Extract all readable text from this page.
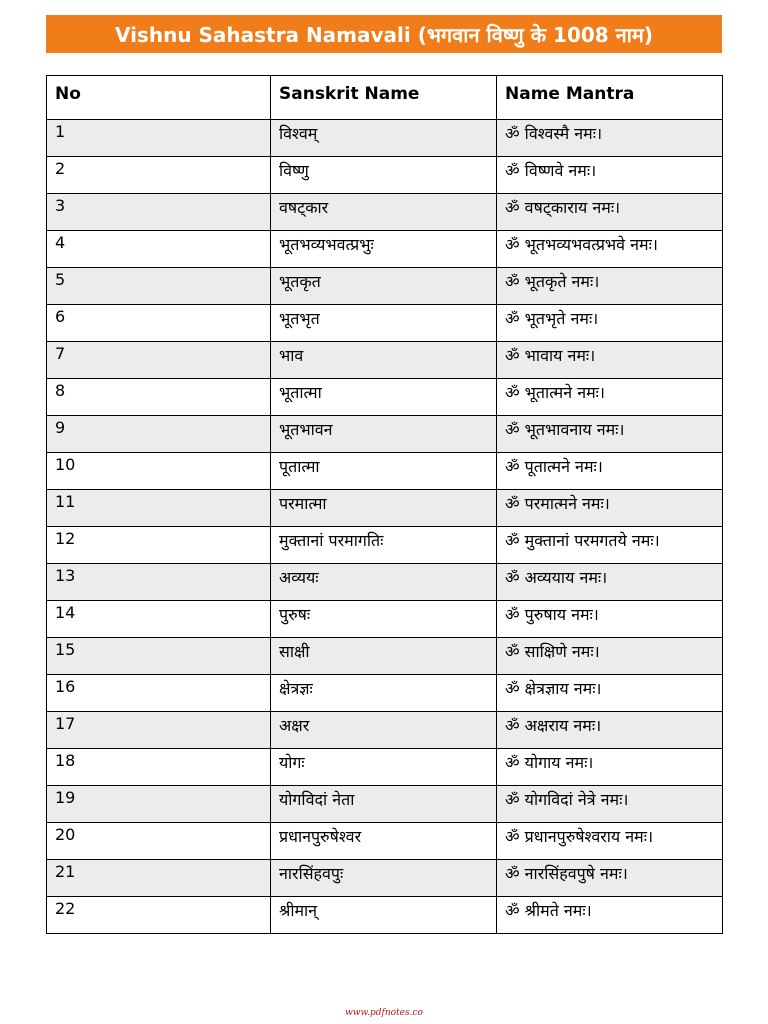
Vishnu Sahastra Namavali (भगवान विष्णु के 1008 नाम)
No	Sanskrit Name	Name Mantra
1	विश्वम्	ॐ विश्वस्मै नमः।
2	विष्णु	ॐ विष्णवे नमः।
3	वषट्कार	ॐ वषट्काराय नमः।
4	भूतभव्यभवत्प्रभुः	ॐ भूतभव्यभवत्प्रभवे नमः।
5	भूतकृत	ॐ भूतकृते नमः।
6	भूतभृत	ॐ भूतभृते नमः।
7	भाव	ॐ भावाय नमः।
8	भूतात्मा	ॐ भूतात्मने नमः।
9	भूतभावन	ॐ भूतभावनाय नमः।
10	पूतात्मा	ॐ पूतात्मने नमः।
11	परमात्मा	ॐ परमात्मने नमः।
12	मुक्तानां परमागतिः	ॐ मुक्तानां परमगतये नमः।
13	अव्ययः	ॐ अव्ययाय नमः।
14	पुरुषः	ॐ पुरुषाय नमः।
15	साक्षी	ॐ साक्षिणे नमः।
16	क्षेत्रज्ञः	ॐ क्षेत्रज्ञाय नमः।
17	अक्षर	ॐ अक्षराय नमः।
18	योगः	ॐ योगाय नमः।
19	योगविदां नेता	ॐ योगविदां नेत्रे नमः।
20	प्रधानपुरुषेश्वर	ॐ प्रधानपुरुषेश्वराय नमः।
21	नारसिंहवपुः	ॐ नारसिंहवपुषे नमः।
22	श्रीमान्	ॐ श्रीमते नमः।
www.pdfnotes.co
